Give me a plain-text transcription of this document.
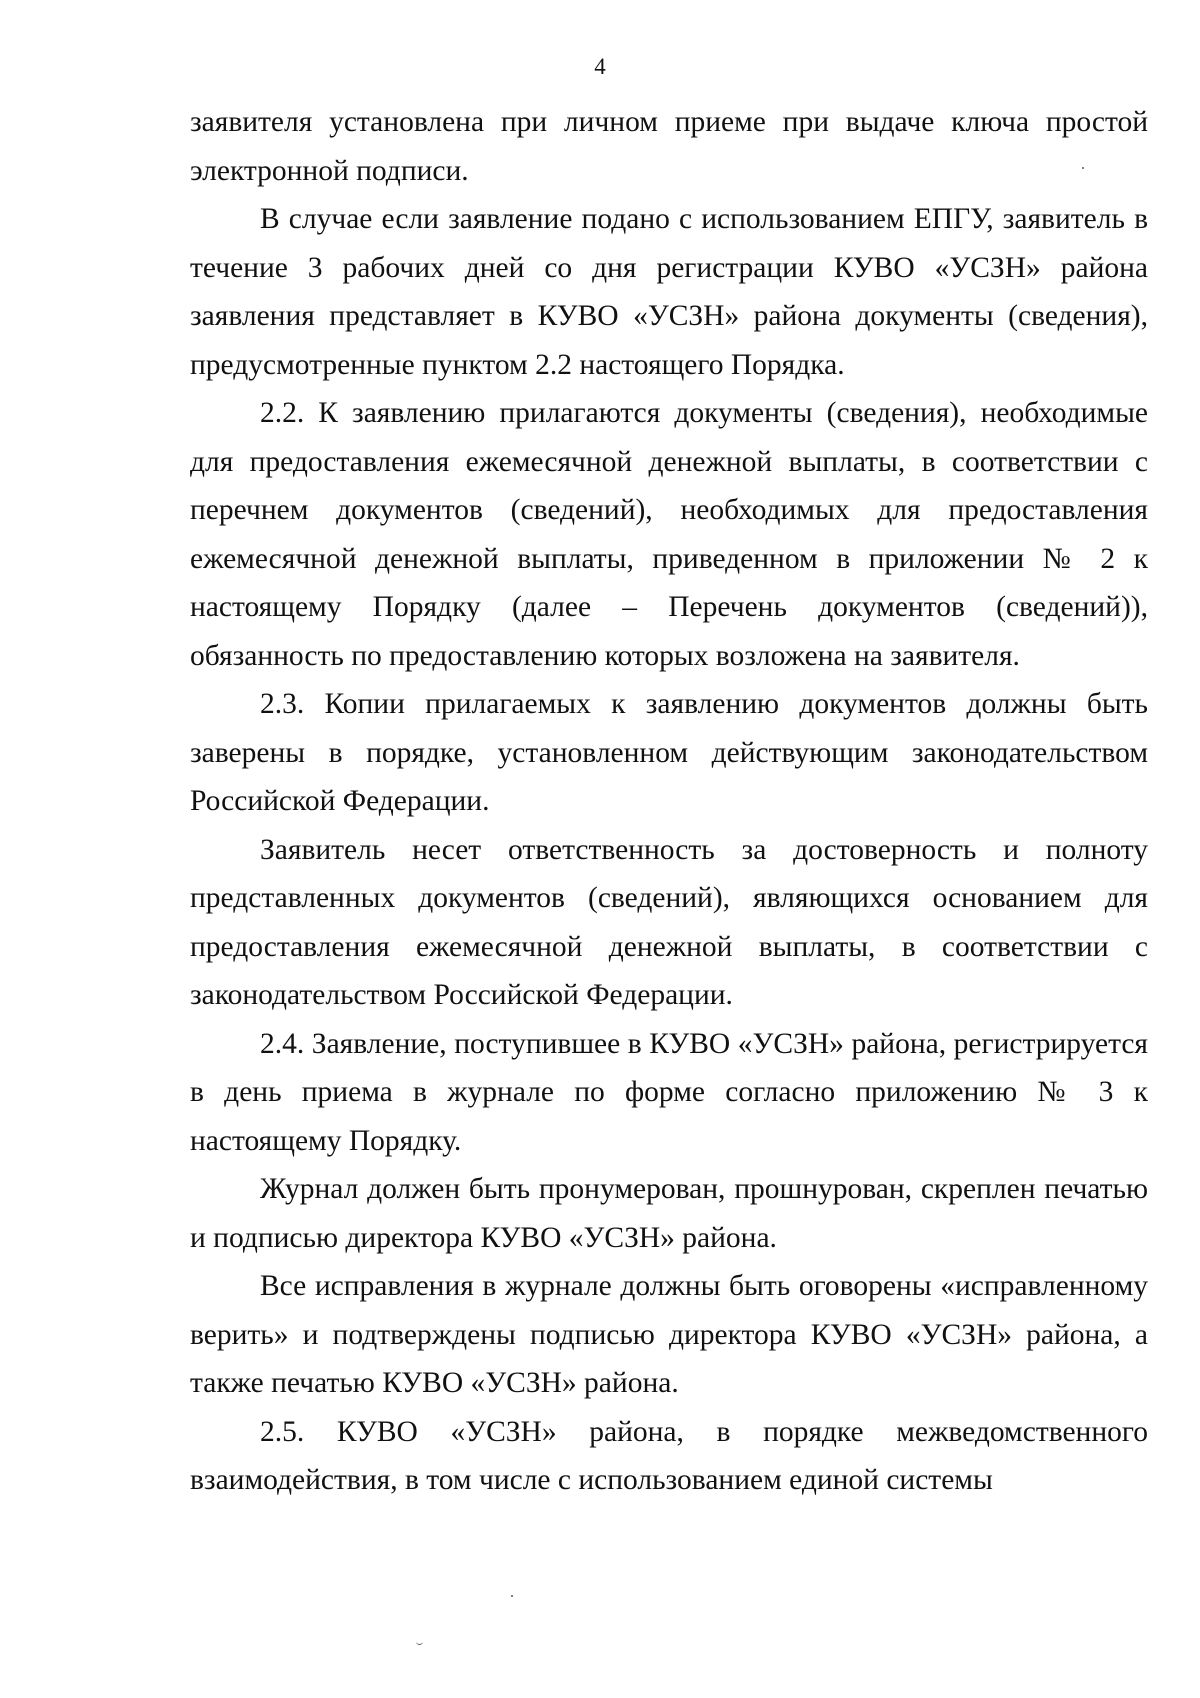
4

заявителя установлена при личном приеме при выдаче ключа простой электронной подписи.

В случае если заявление подано с использованием ЕПГУ, заявитель в течение 3 рабочих дней со дня регистрации КУВО «УСЗН» района заявления представляет в КУВО «УСЗН» района документы (сведения), предусмотренные пунктом 2.2 настоящего Порядка.

2.2. К заявлению прилагаются документы (сведения), необходимые для предоставления ежемесячной денежной выплаты, в соответствии с перечнем документов (сведений), необходимых для предоставления ежемесячной денежной выплаты, приведенном в приложении № 2 к настоящему Порядку (далее – Перечень документов (сведений)), обязанность по предоставлению которых возложена на заявителя.

2.3. Копии прилагаемых к заявлению документов должны быть заверены в порядке, установленном действующим законодательством Российской Федерации.

Заявитель несет ответственность за достоверность и полноту представленных документов (сведений), являющихся основанием для предоставления ежемесячной денежной выплаты, в соответствии с законодательством Российской Федерации.

2.4. Заявление, поступившее в КУВО «УСЗН» района, регистрируется в день приема в журнале по форме согласно приложению № 3 к настоящему Порядку.

Журнал должен быть пронумерован, прошнурован, скреплен печатью и подписью директора КУВО «УСЗН» района.

Все исправления в журнале должны быть оговорены «исправленному верить» и подтверждены подписью директора КУВО «УСЗН» района, а также печатью КУВО «УСЗН» района.

2.5. КУВО «УСЗН» района, в порядке межведомственного взаимодействия, в том числе с использованием единой системы
